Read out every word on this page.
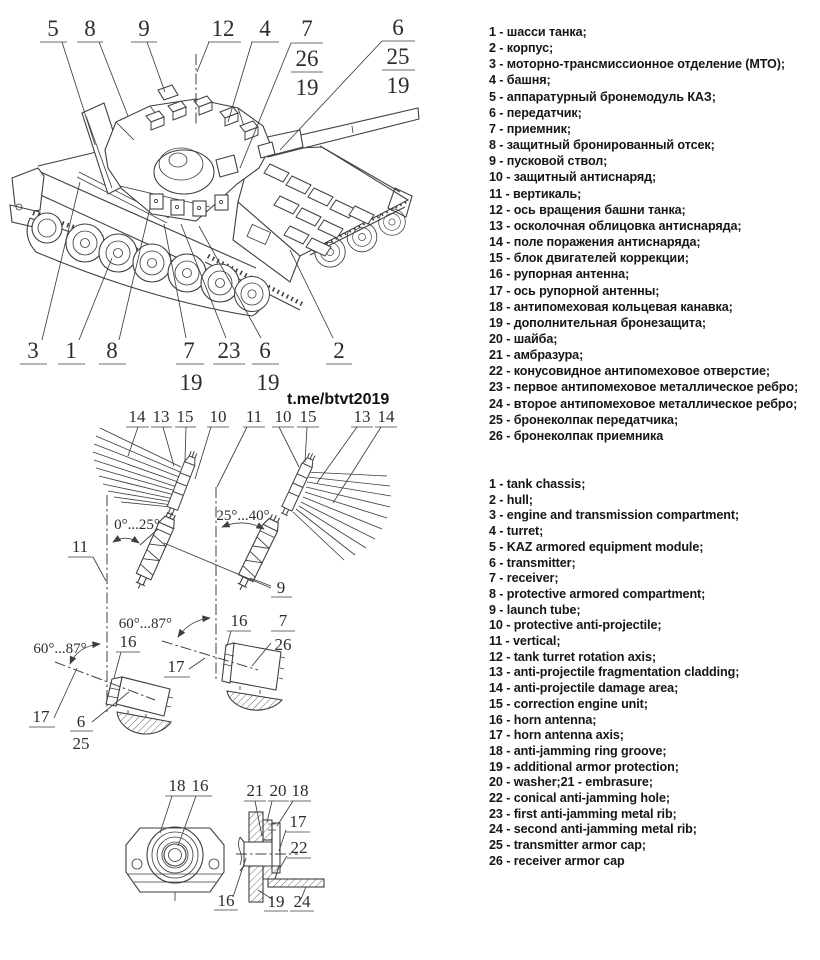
5 8 9	12 4 7
26
19
6
25
19
3 1 8	7
19
23 6
19
2
t.me/btvt2019
0°...25°
25°...40°
14 13 15 10 11 10 15 13 14
11
9
60°...87° 16
17 6
25
60°...87°	16
17
7
26
18 16 21 20 18
17
22
16 19 24
1 - шасси танка;
2 - корпус;
3 - моторно-трансмиссионное отделение (МТО);
4 - башня;
5 - аппаратурный бронемодуль КАЗ;
6 - передатчик;
7 - приемник;
8 - защитный бронированный отсек;
9 - пусковой ствол;
10 - защитный антиснаряд;
11 - вертикаль;
12 - ось вращения башни танка;
13 - осколочная облицовка антиснаряда;
14 - поле поражения антиснаряда;
15 - блок двигателей коррекции;
16 - рупорная антенна;
17 - ось рупорной антенны;
18 - антипомеховая кольцевая канавка;
19 - дополнительная бронезащита;
20 - шайба;
21 - амбразура;
22 - конусовидное антипомеховое отверстие;
23 - первое антипомеховое металлическое ребро;
24 - второе антипомеховое металлическое ребро;
25 - бронеколпак передатчика;
26 - бронеколпак приемника
1 - tank chassis;
2 - hull;
3 - engine and transmission compartment;
4 - turret;
5 - KAZ armored equipment module;
6 - transmitter;
7 - receiver;
8 - protective armored compartment;
9 - launch tube;
10 - protective anti-projectile;
11 - vertical;
12 - tank turret rotation axis;
13 - anti-projectile fragmentation cladding;
14 - anti-projectile damage area;
15 - correction engine unit;
16 - horn antenna;
17 - horn antenna axis;
18 - anti-jamming ring groove;
19 - additional armor protection;
20 - washer;21 - embrasure;
22 - conical anti-jamming hole;
23 - first anti-jamming metal rib;
24 - second anti-jamming metal rib;
25 - transmitter armor cap;
26 - receiver armor cap
